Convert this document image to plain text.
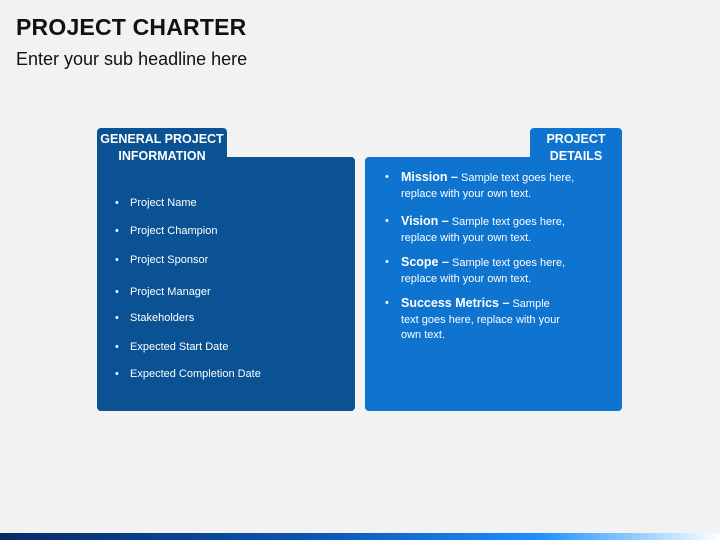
PROJECT CHARTER
Enter your sub headline here
GENERAL PROJECT
INFORMATION
• Project Name
• Project Champion
• Project Sponsor
• Project Manager
• Stakeholders
• Expected Start Date
• Expected Completion Date
PROJECT
DETAILS
• Mission – Sample text goes here, replace with your own text.
• Vision – Sample text goes here, replace with your own text.
• Scope – Sample text goes here, replace with your own text.
• Success Metrics – Sample text goes here, replace with your own text.
